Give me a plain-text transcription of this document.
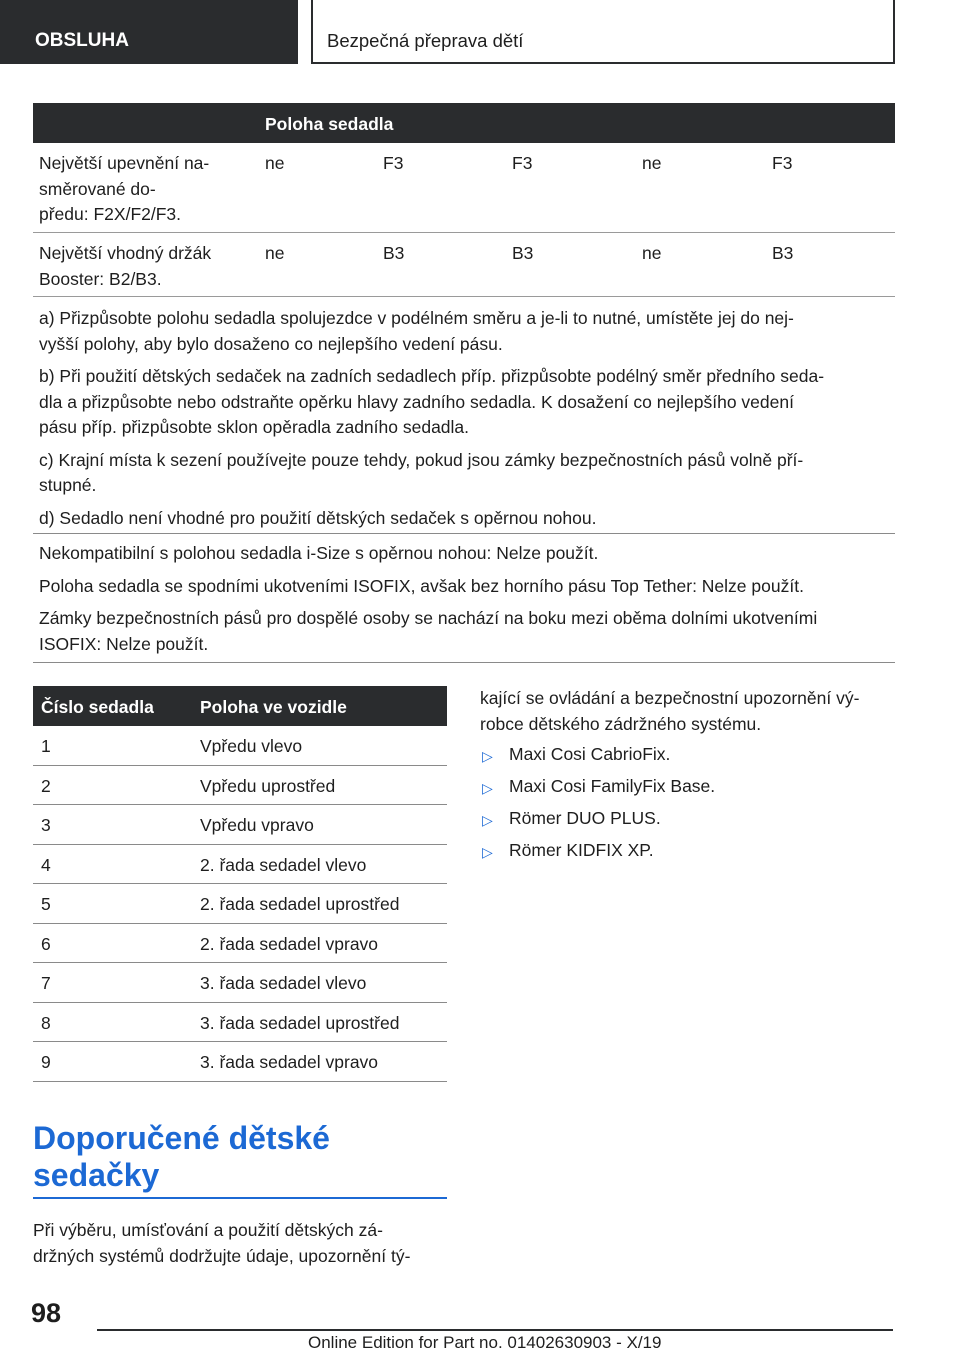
OBSLUHA	Bezpečná přeprava dětí
Poloha sedadla
Největší upevnění na-
směrované do-
předu: F2X/F2/F3.
ne	F3	F3	ne	F3
Největší vhodný držák
Booster: B2/B3.
ne	B3	B3	ne	B3

a) Přizpůsobte polohu sedadla spolujezdce v podélném směru a je-li to nutné, umístěte jej do nej-
vyšší polohy, aby bylo dosaženo co nejlepšího vedení pásu.

b) Při použití dětských sedaček na zadních sedadlech příp. přizpůsobte podélný směr předního seda-
dla a přizpůsobte nebo odstraňte opěrku hlavy zadního sedadla. K dosažení co nejlepšího vedení
pásu příp. přizpůsobte sklon opěradla zadního sedadla.

c) Krajní místa k sezení používejte pouze tehdy, pokud jsou zámky bezpečnostních pásů volně pří-
stupné.

d) Sedadlo není vhodné pro použití dětských sedaček s opěrnou nohou.

Nekompatibilní s polohou sedadla i-Size s opěrnou nohou: Nelze použít.

Poloha sedadla se spodními ukotveními ISOFIX, avšak bez horního pásu Top Tether: Nelze použít.

Zámky bezpečnostních pásů pro dospělé osoby se nachází na boku mezi oběma dolními ukotveními
ISOFIX: Nelze použít.

Číslo sedadla	Poloha ve vozidle
1	Vpředu vlevo
2	Vpředu uprostřed
3	Vpředu vpravo
4	2. řada sedadel vlevo
5	2. řada sedadel uprostřed
6	2. řada sedadel vpravo
7	3. řada sedadel vlevo
8	3. řada sedadel uprostřed
9	3. řada sedadel vpravo
Doporučené dětské
sedačky
Při výběru, umísťování a použití dětských zá-
držných systémů dodržujte údaje, upozornění tý-
kající se ovládání a bezpečnostní upozornění vý-
robce dětského zádržného systému.
▷ Maxi Cosi CabrioFix.
▷ Maxi Cosi FamilyFix Base.
▷ Römer DUO PLUS.
▷ Römer KIDFIX XP.
98
Online Edition for Part no. 01402630903 - X/19
